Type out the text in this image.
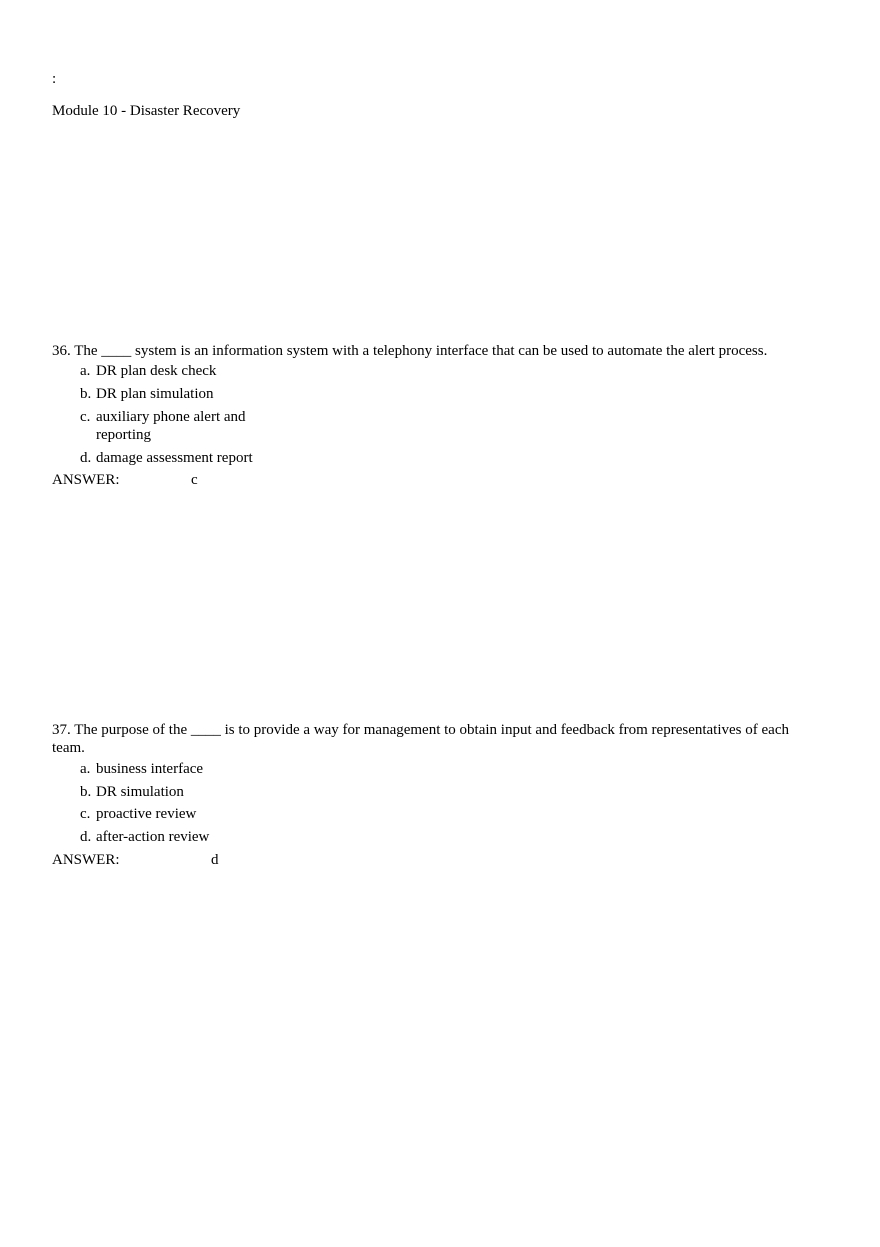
:
Module 10 - Disaster Recovery
36. The ____ system is an information system with a telephony interface that can be used to automate the alert process.
a. DR plan desk check
b. DR plan simulation
c. auxiliary phone alert and reporting
d. damage assessment report
ANSWER:	c
37. The purpose of the ____ is to provide a way for management to obtain input and feedback from representatives of each team.
a. business interface
b. DR simulation
c. proactive review
d. after-action review
ANSWER:	d
